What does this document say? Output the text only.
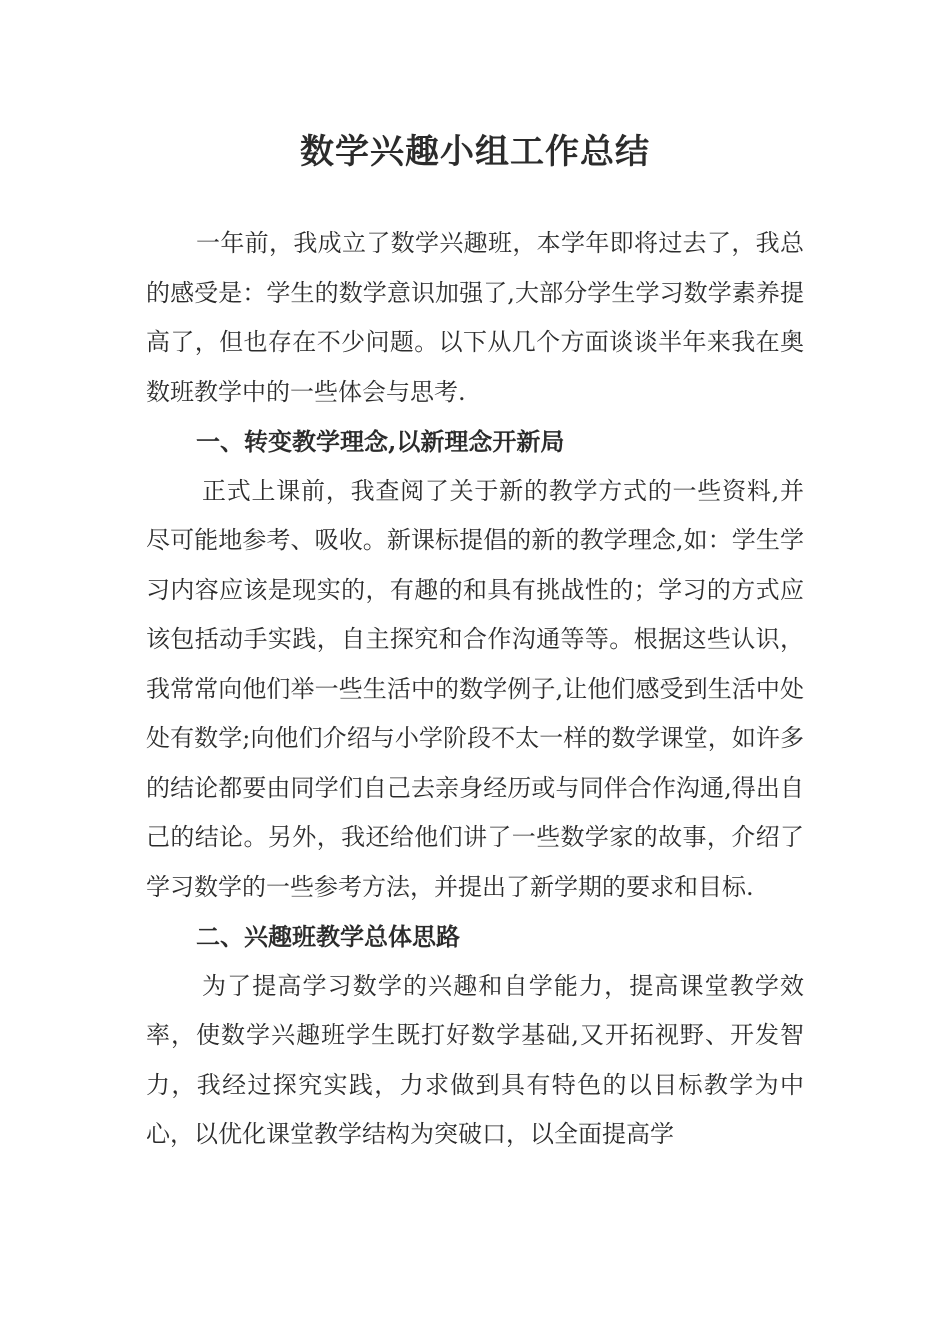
数学兴趣小组工作总结

一年前，我成立了数学兴趣班，本学年即将过去了，我总的感受是：学生的数学意识加强了,大部分学生学习数学素养提高了，但也存在不少问题。以下从几个方面谈谈半年来我在奥数班教学中的一些体会与思考.

一、转变教学理念,以新理念开新局

正式上课前，我查阅了关于新的教学方式的一些资料,并尽可能地参考、吸收。新课标提倡的新的教学理念,如：学生学习内容应该是现实的，有趣的和具有挑战性的；学习的方式应该包括动手实践，自主探究和合作沟通等等。根据这些认识，我常常向他们举一些生活中的数学例子,让他们感受到生活中处处有数学;向他们介绍与小学阶段不太一样的数学课堂，如许多的结论都要由同学们自己去亲身经历或与同伴合作沟通,得出自己的结论。另外，我还给他们讲了一些数学家的故事，介绍了学习数学的一些参考方法，并提出了新学期的要求和目标.

二、兴趣班教学总体思路

为了提高学习数学的兴趣和自学能力，提高课堂教学效率，使数学兴趣班学生既打好数学基础,又开拓视野、开发智力，我经过探究实践，力求做到具有特色的以目标教学为中心，以优化课堂教学结构为突破口，以全面提高学
